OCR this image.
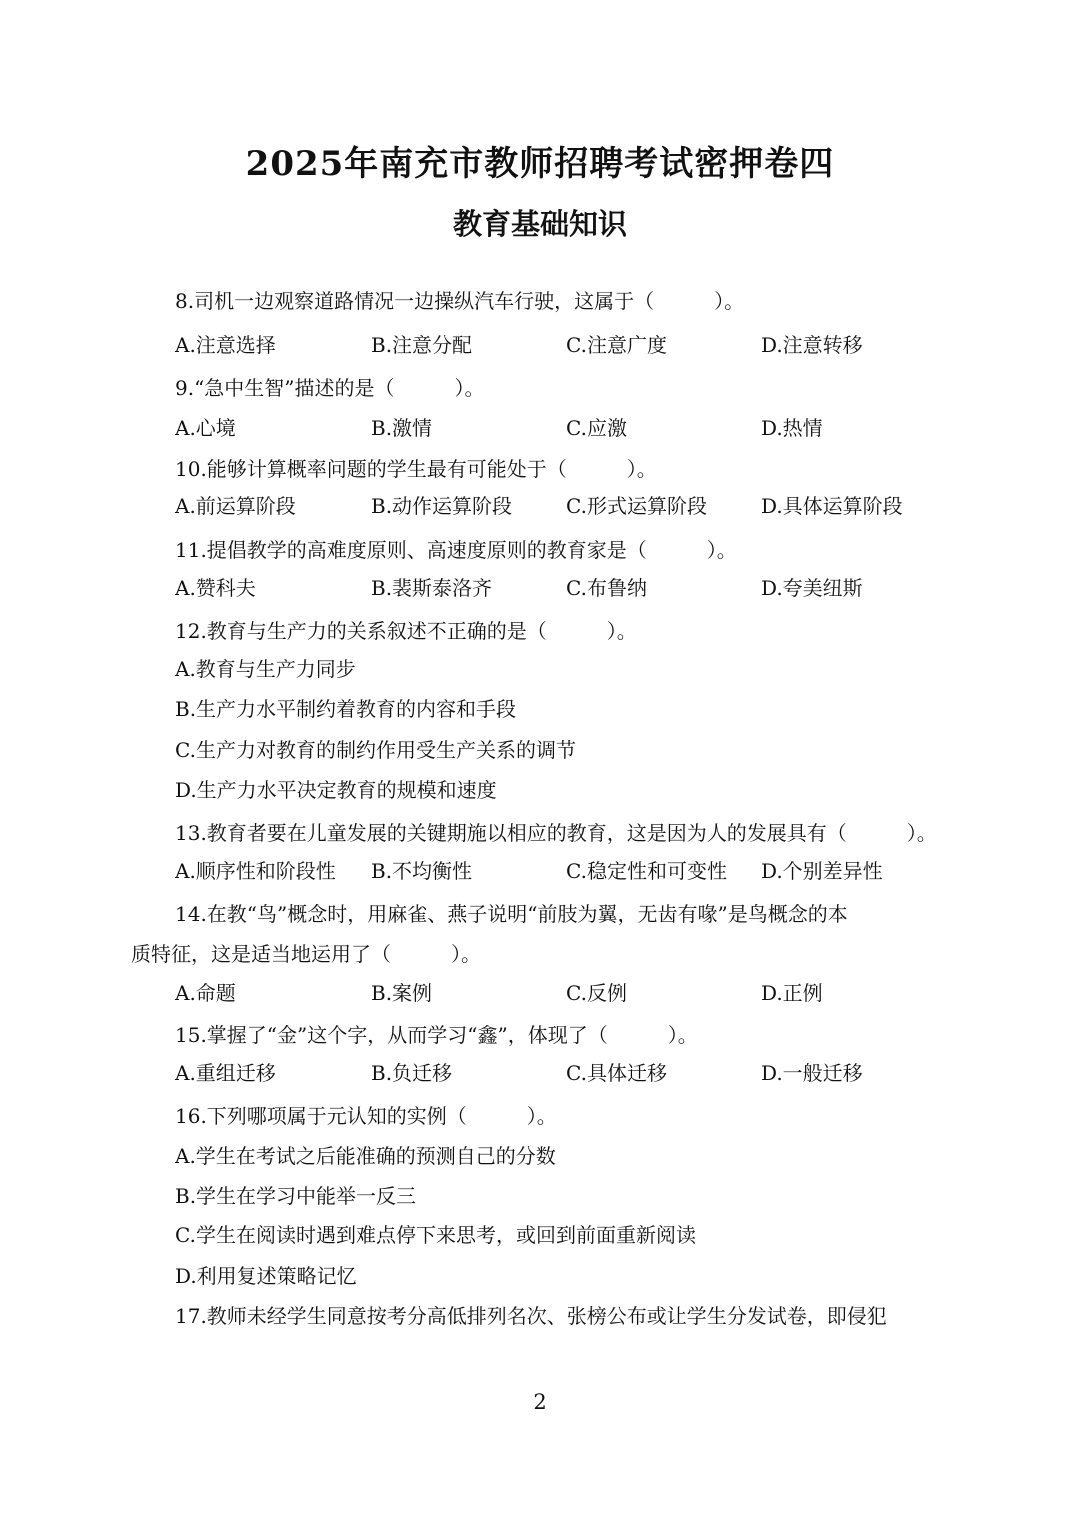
2025年南充市教师招聘考试密押卷四
教育基础知识
8.司机一边观察道路情况一边操纵汽车行驶，这属于（　　　）。
A.注意选择	B.注意分配	C.注意广度	D.注意转移
9.“急中生智”描述的是（　　　）。
A.心境	B.激情	C.应激	D.热情
10.能够计算概率问题的学生最有可能处于（　　　）。
A.前运算阶段	B.动作运算阶段	C.形式运算阶段	D.具体运算阶段
11.提倡教学的高难度原则、高速度原则的教育家是（　　　）。
A.赞科夫	B.裴斯泰洛齐	C.布鲁纳	D.夸美纽斯
12.教育与生产力的关系叙述不正确的是（　　　）。
A.教育与生产力同步
B.生产力水平制约着教育的内容和手段
C.生产力对教育的制约作用受生产关系的调节
D.生产力水平决定教育的规模和速度
13.教育者要在儿童发展的关键期施以相应的教育，这是因为人的发展具有（　　　）。
A.顺序性和阶段性 B.不均衡性	C.稳定性和可变性 D.个别差异性
14.在教“鸟”概念时，用麻雀、燕子说明“前肢为翼，无齿有喙”是鸟概念的本
质特征，这是适当地运用了（　　　）。
A.命题	B.案例	C.反例	D.正例
15.掌握了“金”这个字，从而学习“鑫”，体现了（　　　）。
A.重组迁移	B.负迁移	C.具体迁移	D.一般迁移
16.下列哪项属于元认知的实例（　　　）。
A.学生在考试之后能准确的预测自己的分数
B.学生在学习中能举一反三
C.学生在阅读时遇到难点停下来思考，或回到前面重新阅读
D.利用复述策略记忆
17.教师未经学生同意按考分高低排列名次、张榜公布或让学生分发试卷，即侵犯
2
